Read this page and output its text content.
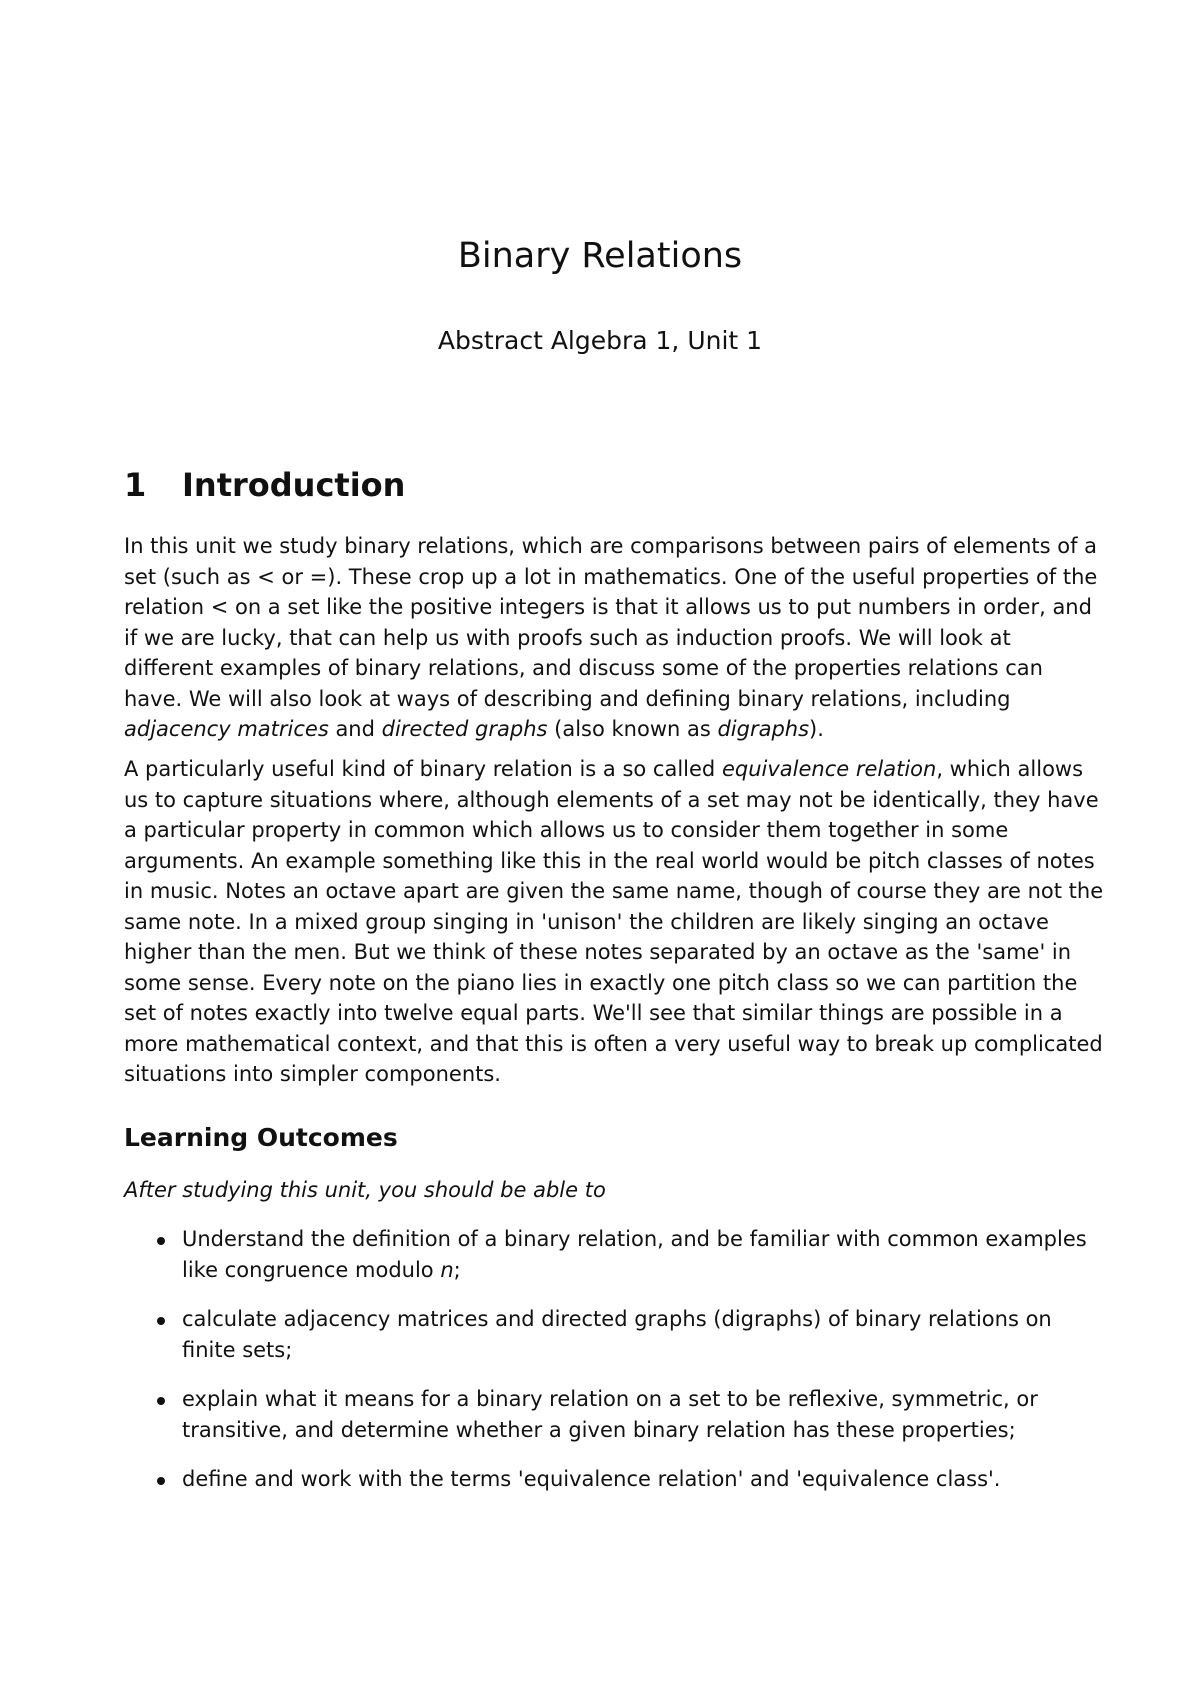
Binary Relations
Abstract Algebra 1, Unit 1
1 Introduction

In this unit we study binary relations, which are comparisons between pairs of elements of a set (such as < or =). These crop up a lot in mathematics. One of the useful properties of the relation < on a set like the positive integers is that it allows us to put numbers in order, and if we are lucky, that can help us with proofs such as induction proofs. We will look at different examples of binary relations, and discuss some of the properties relations can have. We will also look at ways of describing and defining binary relations, including adjacency matrices and directed graphs (also known as digraphs).

A particularly useful kind of binary relation is a so called equivalence relation, which allows us to capture situations where, although elements of a set may not be identically, they have a particular property in common which allows us to consider them together in some arguments. An example something like this in the real world would be pitch classes of notes in music. Notes an octave apart are given the same name, though of course they are not the same note. In a mixed group singing in 'unison' the children are likely singing an octave higher than the men. But we think of these notes separated by an octave as the 'same' in some sense. Every note on the piano lies in exactly one pitch class so we can partition the set of notes exactly into twelve equal parts. We'll see that similar things are possible in a more mathematical context, and that this is often a very useful way to break up complicated situations into simpler components.

Learning Outcomes

After studying this unit, you should be able to

Understand the definition of a binary relation, and be familiar with common examples like congruence modulo n;
calculate adjacency matrices and directed graphs (digraphs) of binary relations on finite sets;
explain what it means for a binary relation on a set to be reflexive, symmetric, or transitive, and determine whether a given binary relation has these properties;
define and work with the terms 'equivalence relation' and 'equivalence class'.
